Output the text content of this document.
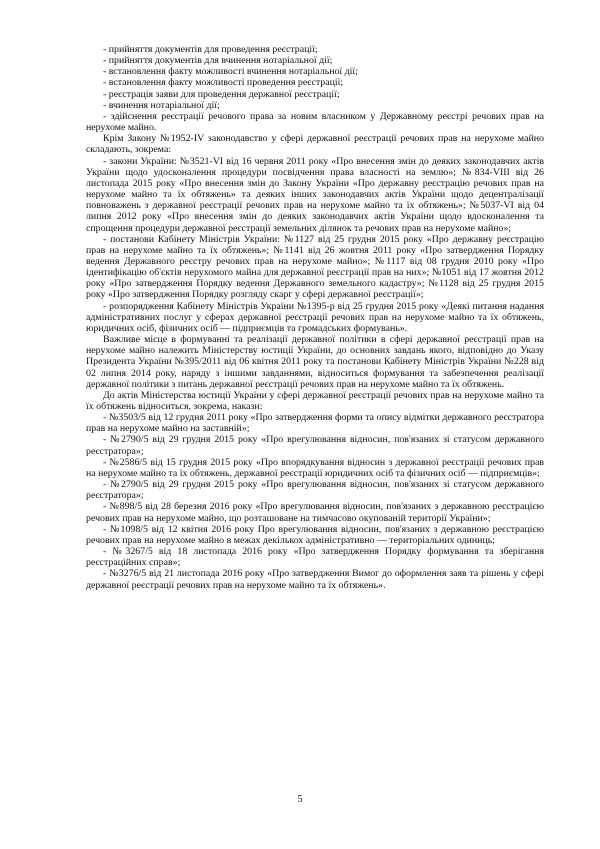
- прийняття документів для проведення реєстрації;

- прийняття документів для вчинення нотаріальної дії;

- встановлення факту можливості вчинення нотаріальної дії;

- встановлення факту можливості проведення реєстрації;

- реєстрація заяви для проведення державної реєстрації;

- вчинення нотаріальної дії;

- здійснення реєстрації речового права за новим власником у Державному реєстрі речових прав на нерухоме майно.

Крім Закону №1952-IV законодавство у сфері державної реєстрації речових прав на нерухоме майно складають, зокрема:

- закони України: №3521-VI від 16 червня 2011 року «Про внесення змін до деяких законодавчих актів України щодо удосконалення процедури посвідчення права власності на землю»; №834-VIII від 26 листопада 2015 року «Про внесення змін до Закону України «Про державну реєстрацію речових прав на нерухоме майно та їх обтяжень» та деяких інших законодавчих актів України щодо децентралізації повноважень з державної реєстрації речових прав на нерухоме майно та їх обтяжень»; №5037-VI від 04 липня 2012 року «Про внесення змін до деяких законодавчих актів України щодо вдосконалення та спрощення процедури державної реєстрації земельних ділянок та речових прав на нерухоме майно»;

- постанови Кабінету Міністрів України: №1127 від 25 грудня 2015 року «Про державну реєстрацію прав на нерухоме майно та їх обтяжень»; №1141 від 26 жовтня 2011 року «Про затвердження Порядку ведення Державного реєстру речових прав на нерухоме майно»; №1117 від 08 грудня 2010 року «Про ідентифікацію об'єктів нерухомого майна для державної реєстрації прав на них»; №1051 від 17 жовтня 2012 року «Про затвердження Порядку ведення Державного земельного кадастру»; №1128 від 25 грудня 2015 року «Про затвердження Порядку розгляду скарг у сфері державної реєстрації»;

- розпорядження Кабінету Міністрів України №1395-р від 25 грудня 2015 року «Деякі питання надання адміністративних послуг у сферах державної реєстрації речових прав на нерухоме майно та їх обтяжень, юридичних осіб, фізичних осіб — підприємців та громадських формувань».

Важливе місце в формуванні та реалізації державної політики в сфері державної реєстрації прав на нерухоме майно належить Міністерству юстиції України, до основних завдань якого, відповідно до Указу Президента України №395/2011 від 06 квітня 2011 року та постанови Кабінету Міністрів України №228 від 02 липня 2014 року, наряду з іншими завданнями, відноситься формування та забезпечення реалізації державної політики з питань державної реєстрації речових прав на нерухоме майно та їх обтяжень.

До актів Міністерства юстиції України у сфері державної реєстрації речових прав на нерухоме майно та їх обтяжень відноситься, зокрема, накази:

- №3503/5 від 12 грудня 2011 року «Про затвердження форми та опису відмітки державного реєстратора прав на нерухоме майно на заставній»;

- №2790/5 від 29 грудня 2015 року «Про врегулювання відносин, пов'язаних зі статусом державного реєстратора»;

- №2586/5 від 15 грудня 2015 року «Про впорядкування відносин з державної реєстрації речових прав на нерухоме майно та їх обтяжень, державної реєстрації юридичних осіб та фізичних осіб — підприємців»;

- №2790/5 від 29 грудня 2015 року «Про врегулювання відносин, пов'язаних зі статусом державного реєстратора»;

- №898/5 від 28 березня 2016 року «Про врегулювання відносин, пов'язаних з державною реєстрацією речових прав на нерухоме майно, що розташоване на тимчасово окупованій території України»;

- №1098/5 від 12 квітня 2016 року Про врегулювання відносин, пов'язаних з державною реєстрацією речових прав на нерухоме майно в межах декількох адміністративно — територіальних одиниць;

- №3267/5 від 18 листопада 2016 року «Про затвердження Порядку формування та зберігання реєстраційних справ»;

- №3276/5 від 21 листопада 2016 року «Про затвердження Вимог до оформлення заяв та рішень у сфері державної реєстрації речових прав на нерухоме майно та їх обтяжень».

5
